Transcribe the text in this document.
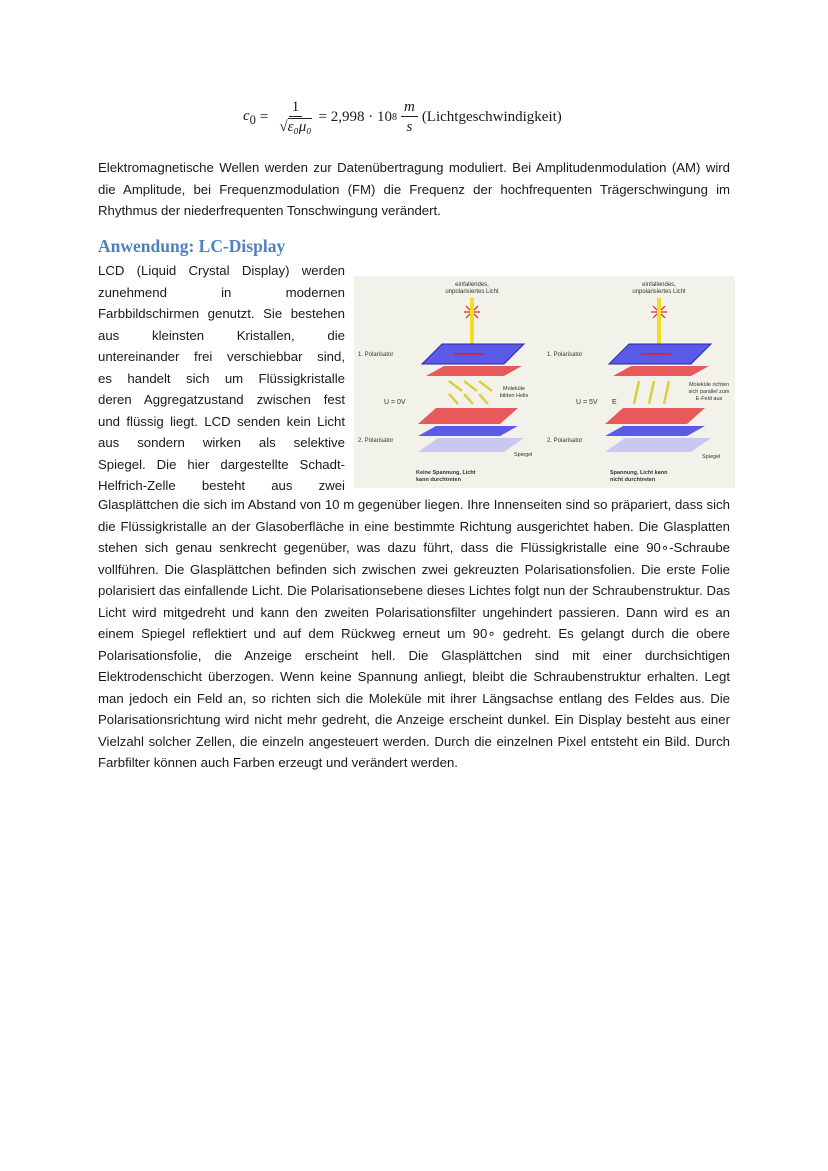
$c_0 = \frac{1}{\text{√ε₀μ₀}} = 2,998 \cdot 10$ $8 \frac{m}{s}$ (Lichtgeschwindigkeit)
Elektromagnetische Wellen werden zur Datenübertragung moduliert. Bei Amplitudenmodulation (AM) wird die Amplitude, bei Frequenzmodulation (FM) die Frequenz der hochfrequenten Trägerschwingung im Rhythmus der niederfrequenten Tonschwingung verändert.
Anwendung: LC-Display
LCD (Liquid Crystal Display) werden
zunehmend in modernen
Farbbildschirmen genutzt. Sie bestehen
aus kleinsten Kristallen, die
untereinander frei verschiebbar sind,
es handelt sich um Flüssigkristalle
deren Aggregatzustand zwischen fest
und flüssig liegt. LCD senden kein Licht
aus sondern wirken als selektive
Spiegel. Die hier dargestellte Schadt-
Helfrich-Zelle besteht aus zwei
einfallendes,
unpolarisiertes Licht
1. Polarisator
2. Polarisator
U = 0V
Moleküle
bilden Helix
Spiegel
Keine Spannung, Licht
kann durchtreten
einfallendes,
unpolarisiertes Licht
1. Polarisator
2. Polarisator
U = 5V E
Moleküle richten
sich parallel zum
E-Feld aus
Spiegel
Spannung, Licht kann
nicht durchtreten
Glasplättchen die sich im Abstand von 10 m gegenüber liegen. Ihre Innenseiten sind so präpariert, dass sich die Flüssigkristalle an der Glasoberfläche in eine bestimmte Richtung ausgerichtet haben. Die Glasplatten stehen sich genau senkrecht gegenüber, was dazu führt, dass die Flüssigkristalle eine 90∘-Schraube vollführen. Die Glasplättchen befinden sich zwischen zwei gekreuzten Polarisationsfolien. Die erste Folie polarisiert das einfallende Licht. Die Polarisationsebene dieses Lichtes folgt nun der Schraubenstruktur. Das Licht wird mitgedreht und kann den zweiten Polarisationsfilter ungehindert passieren. Dann wird es an einem Spiegel reflektiert und auf dem Rückweg erneut um 90∘ gedreht. Es gelangt durch die obere Polarisationsfolie, die Anzeige erscheint hell. Die Glasplättchen sind mit einer durchsichtigen Elektrodenschicht überzogen. Wenn keine Spannung anliegt, bleibt die Schraubenstruktur erhalten. Legt man jedoch ein Feld an, so richten sich die Moleküle mit ihrer Längsachse entlang des Feldes aus. Die Polarisationsrichtung wird nicht mehr gedreht, die Anzeige erscheint dunkel. Ein Display besteht aus einer Vielzahl solcher Zellen, die einzeln angesteuert werden. Durch die einzelnen Pixel entsteht ein Bild. Durch Farbfilter können auch Farben erzeugt und verändert werden.
